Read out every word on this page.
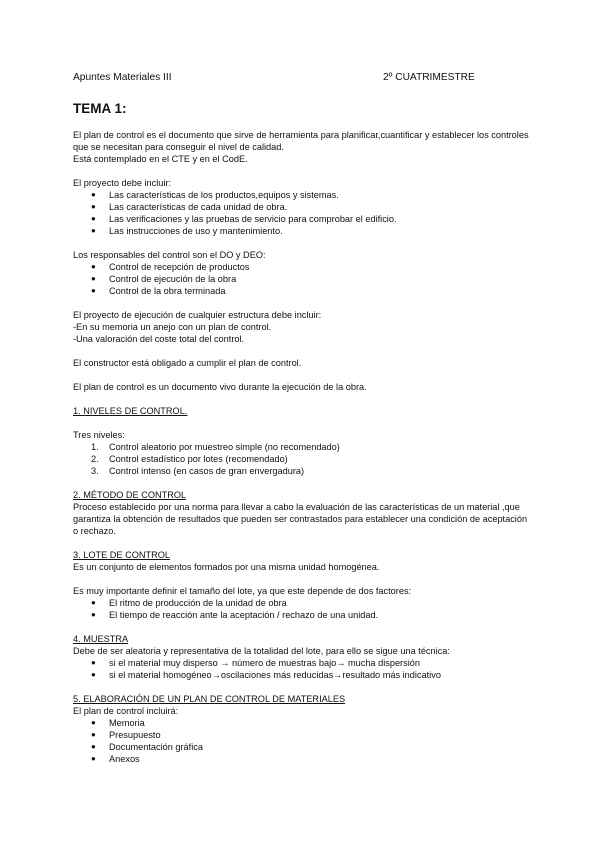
Apuntes Materiales III	2º CUATRIMESTRE
TEMA 1:
El plan de control es el documento que sirve de herramienta para planificar,cuantificar y establecer los controles
que se necesitan para conseguir el nivel de calidad.
Está contemplado en el CTE y en el CodE.
El proyecto debe incluir:
● Las características de los productos,equipos y sistemas.
● Las características de cada unidad de obra.
● Las verificaciones y las pruebas de servicio para comprobar el edificio.
● Las instrucciones de uso y mantenimiento.
Los responsables del control son el DO y DEO:
● Control de recepción de productos
● Control de ejecución de la obra
● Control de la obra terminada
El proyecto de ejecución de cualquier estructura debe incluir:
-En su memoria un anejo con un plan de control.
-Una valoración del coste total del control.
El constructor está obligado a cumplir el plan de control.
El plan de control es un documento vivo durante la ejecución de la obra.
1. NIVELES DE CONTROL.
Tres niveles:
1. Control aleatorio por muestreo simple (no recomendado)
2. Control estadístico por lotes (recomendado)
3. Control intenso (en casos de gran envergadura)
2. MÉTODO DE CONTROL
Proceso establecido por una norma para llevar a cabo la evaluación de las características de un material ,que
garantiza la obtención de resultados que pueden ser contrastados para establecer una condición de aceptación
o rechazo.
3. LOTE DE CONTROL
Es un conjunto de elementos formados por una misma unidad homogénea.
Es muy importante definir el tamaño del lote, ya que este depende de dos factores:
● El ritmo de producción de la unidad de obra
● El tiempo de reacción ante la aceptación / rechazo de una unidad.
4. MUESTRA
Debe de ser aleatoria y representativa de la totalidad del lote, para ello se sigue una técnica:
● si el material muy disperso → número de muestras bajo→ mucha dispersión
● si el material homogéneo→oscilaciones más reducidas→resultado más indicativo
5. ELABORACIÓN DE UN PLAN DE CONTROL DE MATERIALES
El plan de control incluirá:
● Memoria
● Presupuesto
● Documentación gráfica
● Anexos
